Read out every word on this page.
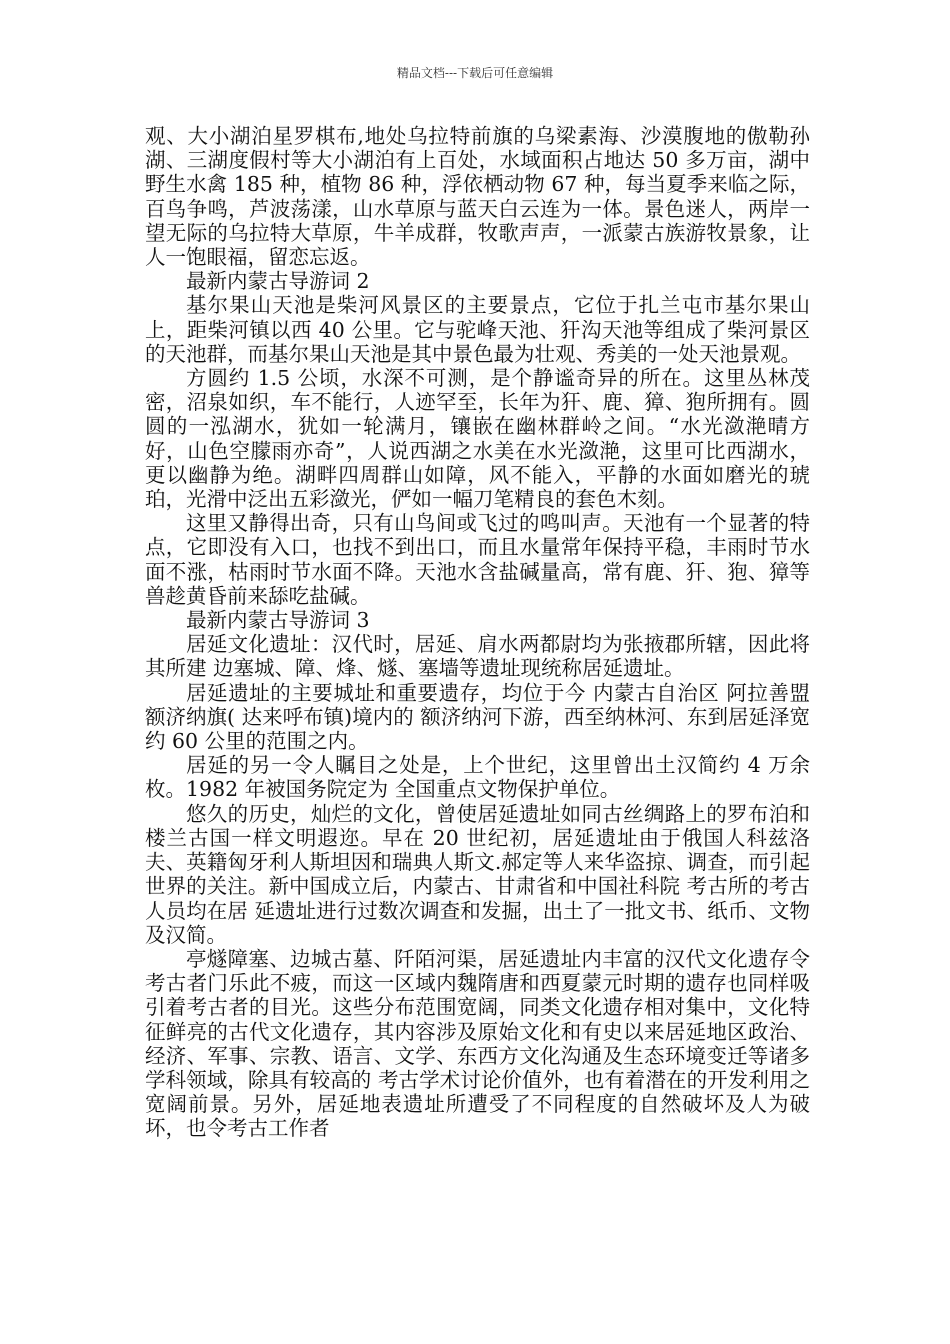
精品文档---下载后可任意编辑

观、大小湖泊星罗棋布,地处乌拉特前旗的乌梁素海、沙漠腹地的傲勒孙湖、三湖度假村等大小湖泊有上百处，水域面积占地达 50 多万亩，湖中野生水禽 185 种，植物 86 种，浮依栖动物 67 种，每当夏季来临之际，百鸟争鸣，芦波荡漾，山水草原与蓝天白云连为一体。景色迷人，两岸一望无际的乌拉特大草原，牛羊成群，牧歌声声，一派蒙古族游牧景象，让人一饱眼福，留恋忘返。

最新内蒙古导游词 2

基尔果山天池是柴河风景区的主要景点，它位于扎兰屯市基尔果山上，距柴河镇以西 40 公里。它与驼峰天池、犴沟天池等组成了柴河景区的天池群，而基尔果山天池是其中景色最为壮观、秀美的一处天池景观。

方圆约 1.5 公顷，水深不可测，是个静谧奇异的所在。这里丛林茂密，沼泉如织，车不能行，人迹罕至，长年为犴、鹿、獐、狍所拥有。圆圆的一泓湖水，犹如一轮满月，镶嵌在幽林群岭之间。“水光潋滟晴方好，山色空朦雨亦奇”，人说西湖之水美在水光潋滟，这里可比西湖水，更以幽静为绝。湖畔四周群山如障，风不能入，平静的水面如磨光的琥珀，光滑中泛出五彩潋光，俨如一幅刀笔精良的套色木刻。

这里又静得出奇，只有山鸟间或飞过的鸣叫声。天池有一个显著的特点，它即没有入口，也找不到出口，而且水量常年保持平稳，丰雨时节水面不涨，枯雨时节水面不降。天池水含盐碱量高，常有鹿、犴、狍、獐等兽趁黄昏前来舔吃盐碱。

最新内蒙古导游词 3

居延文化遗址：汉代时，居延、肩水两都尉均为张掖郡所辖，因此将其所建 边塞城、障、烽、燧、塞墙等遗址现统称居延遗址。

居延遗址的主要城址和重要遗存，均位于今 内蒙古自治区 阿拉善盟 额济纳旗( 达来呼布镇)境内的 额济纳河下游，西至纳林河、东到居延泽宽约 60 公里的范围之内。

居延的另一令人瞩目之处是，上个世纪，这里曾出土汉简约 4 万余枚。1982 年被国务院定为 全国重点文物保护单位。

悠久的历史，灿烂的文化，曾使居延遗址如同古丝绸路上的罗布泊和 楼兰古国一样文明遐迩。早在 20 世纪初，居延遗址由于俄国人科兹洛夫、英籍匈牙利人斯坦因和瑞典人斯文.郝定等人来华盗掠、调查，而引起世界的关注。新中国成立后，内蒙古、甘肃省和中国社科院 考古所的考古人员均在居 延遗址进行过数次调查和发掘，出土了一批文书、纸币、文物及汉简。

亭燧障塞、边城古墓、阡陌河渠，居延遗址内丰富的汉代文化遗存令 考古者门乐此不疲，而这一区域内魏隋唐和西夏蒙元时期的遗存也同样吸引着考古者的目光。这些分布范围宽阔，同类文化遗存相对集中，文化特征鲜亮的古代文化遗存，其内容涉及原始文化和有史以来居延地区政治、经济、军事、宗教、语言、文学、东西方文化沟通及生态环境变迁等诸多学科领域，除具有较高的 考古学术讨论价值外，也有着潜在的开发利用之宽阔前景。另外，居延地表遗址所遭受了不同程度的自然破坏及人为破坏，也令考古工作者
